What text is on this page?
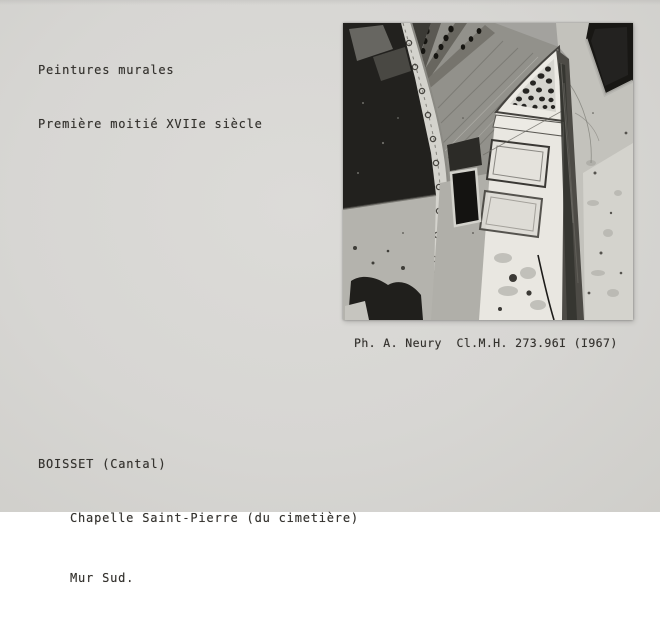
Peintures murales

Première moitié XVIIe siècle

Ph. A. Neury  Cl.M.H. 273.96I (I967)

BOISSET (Cantal)

Chapelle Saint-Pierre (du cimetière)

Mur Sud.
